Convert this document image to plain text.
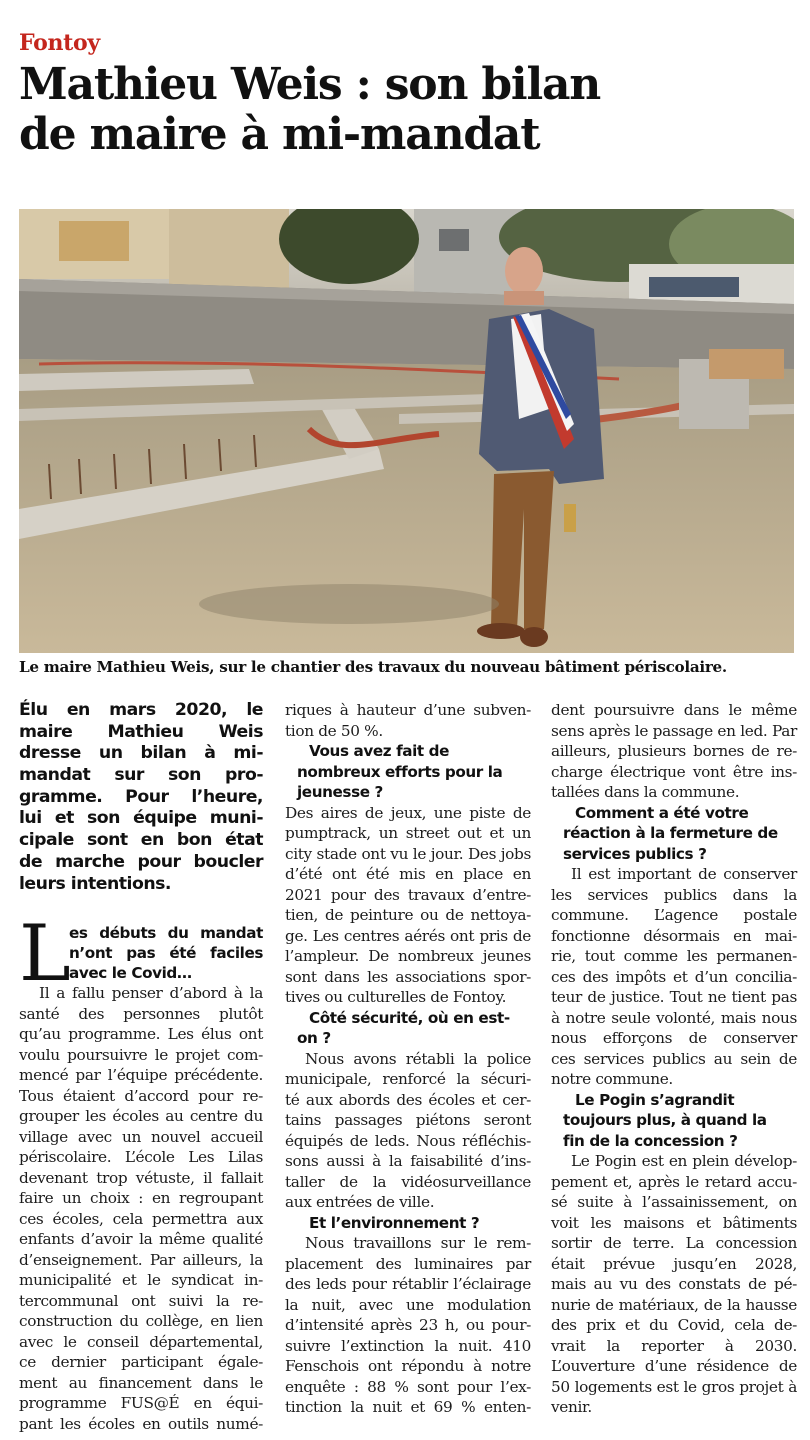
Fontoy
Mathieu Weis : son bilan
de maire à mi-mandat
Le maire Mathieu Weis, sur le chantier des travaux du nouveau bâtiment périscolaire.
Élu en mars 2020, le
maire Mathieu Weis
dresse un bilan à mi-
mandat sur son pro-
gramme. Pour l’heure,
lui et son équipe muni-
cipale sont en bon état
de marche pour boucler
leurs intentions.
L
es débuts du mandat
n’ont pas été faciles
avec le Covid…
Il a fallu penser d’abord à la
santé des personnes plutôt
qu’au programme. Les élus ont
voulu poursuivre le projet com-
mencé par l’équipe précédente.
Tous étaient d’accord pour re-
grouper les écoles au centre du
village avec un nouvel accueil
périscolaire. L’école Les Lilas
devenant trop vétuste, il fallait
faire un choix : en regroupant
ces écoles, cela permettra aux
enfants d’avoir la même qualité
d’enseignement. Par ailleurs, la
municipalité et le syndicat in-
tercommunal ont suivi la re-
construction du collège, en lien
avec le conseil départemental,
ce dernier participant égale-
ment au financement dans le
programme FUS@É en équi-
pant les écoles en outils numé-
riques à hauteur d’une subven-
tion de 50 %.
Vous avez fait de
nombreux efforts pour la
jeunesse ?
Des aires de jeux, une piste de
pumptrack, un street out et un
city stade ont vu le jour. Des jobs
d’été ont été mis en place en
2021 pour des travaux d’entre-
tien, de peinture ou de nettoya-
ge. Les centres aérés ont pris de
l’ampleur. De nombreux jeunes
sont dans les associations spor-
tives ou culturelles de Fontoy.
Côté sécurité, où en est-
on ?
Nous avons rétabli la police
municipale, renforcé la sécuri-
té aux abords des écoles et cer-
tains passages piétons seront
équipés de leds. Nous réfléchis-
sons aussi à la faisabilité d’ins-
taller de la vidéosurveillance
aux entrées de ville.
Et l’environnement ?
Nous travaillons sur le rem-
placement des luminaires par
des leds pour rétablir l’éclairage
la nuit, avec une modulation
d’intensité après 23 h, ou pour-
suivre l’extinction la nuit. 410
Fenschois ont répondu à notre
enquête : 88 % sont pour l’ex-
tinction la nuit et 69 % enten-
dent poursuivre dans le même
sens après le passage en led. Par
ailleurs, plusieurs bornes de re-
charge électrique vont être ins-
tallées dans la commune.
Comment a été votre
réaction à la fermeture de
services publics ?
Il est important de conserver
les services publics dans la
commune. L’agence postale
fonctionne désormais en mai-
rie, tout comme les permanen-
ces des impôts et d’un concilia-
teur de justice. Tout ne tient pas
à notre seule volonté, mais nous
nous efforçons de conserver
ces services publics au sein de
notre commune.
Le Pogin s’agrandit
toujours plus, à quand la
fin de la concession ?
Le Pogin est en plein dévelop-
pement et, après le retard accu-
sé suite à l’assainissement, on
voit les maisons et bâtiments
sortir de terre. La concession
était prévue jusqu’en 2028,
mais au vu des constats de pé-
nurie de matériaux, de la hausse
des prix et du Covid, cela de-
vrait la reporter à 2030.
L’ouverture d’une résidence de
50 logements est le gros projet à
venir.
